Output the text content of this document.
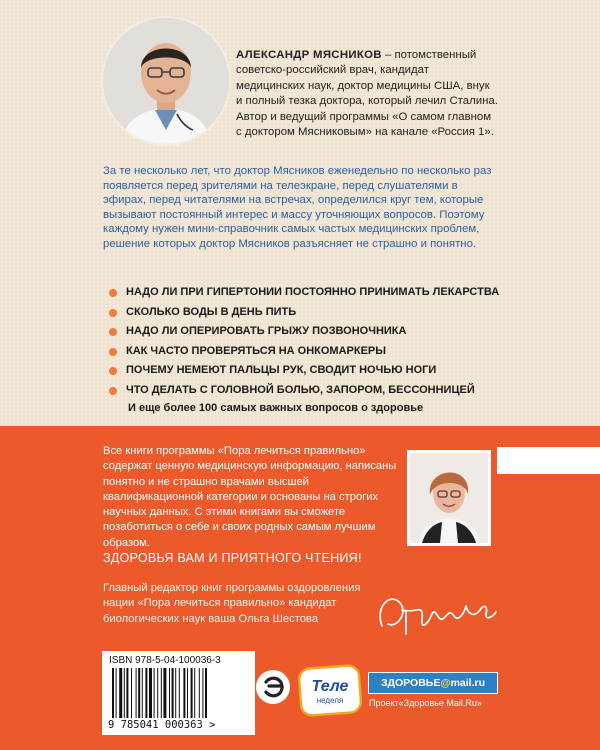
АЛЕКСАНДР МЯСНИКОВ – потомственный советско-российский врач, кандидат медицинских наук, доктор медицины США, внук и полный тезка доктора, который лечил Сталина. Автор и ведущий программы «О самом главном с доктором Мясниковым» на канале «Россия 1».
За те несколько лет, что доктор Мясников еженедельно по несколько раз появляется перед зрителями на телеэкране, перед слушателями в эфирах, перед читателями на встречах, определился круг тем, которые вызывают постоянный интерес и массу уточняющих вопросов. Поэтому каждому нужен мини-справочник самых частых медицинских проблем, решение которых доктор Мясников разъясняет не страшно и понятно.
НАДО ЛИ ПРИ ГИПЕРТОНИИ ПОСТОЯННО ПРИНИМАТЬ ЛЕКАРСТВА
СКОЛЬКО ВОДЫ В ДЕНЬ ПИТЬ
НАДО ЛИ ОПЕРИРОВАТЬ ГРЫЖУ ПОЗВОНОЧНИКА
КАК ЧАСТО ПРОВЕРЯТЬСЯ НА ОНКОМАРКЕРЫ
ПОЧЕМУ НЕМЕЮТ ПАЛЬЦЫ РУК, СВОДИТ НОЧЬЮ НОГИ
ЧТО ДЕЛАТЬ С ГОЛОВНОЙ БОЛЬЮ, ЗАПОРОМ, БЕССОННИЦЕЙ
И еще более 100 самых важных вопросов о здоровье
Все книги программы «Пора лечиться правильно» содержат ценную медицинскую информацию, написаны понятно и не страшно врачами высшей квалификационной категории и основаны на строгих научных данных. С этими книгами вы сможете позаботиться о себе и своих родных самым лучшим образом.
ЗДОРОВЬЯ ВАМ И ПРИЯТНОГО ЧТЕНИЯ!
Главный редактор книг программы оздоровления нации «Пора лечиться правильно» кандидат биологических наук ваша Ольга Шестова
ISBN 978-5-04-100036-3
9 785041 000363 >
Теле
неделя
ЗДОРОВЬЕ@mail.ru
Проект«Здоровье Mail.Ru»
